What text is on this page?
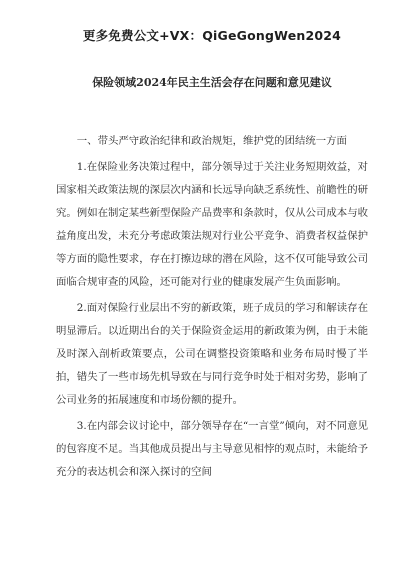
更多免费公文+VX：QiGeGongWen2024
保险领域2024年民主生活会存在问题和意见建议

一、带头严守政治纪律和政治规矩，维护党的团结统一方面

1.在保险业务决策过程中，部分领导过于关注业务短期效益，对国家相关政策法规的深层次内涵和长远导向缺乏系统性、前瞻性的研究。例如在制定某些新型保险产品费率和条款时，仅从公司成本与收益角度出发，未充分考虑政策法规对行业公平竞争、消费者权益保护等方面的隐性要求，存在打擦边球的潜在风险，这不仅可能导致公司面临合规审查的风险，还可能对行业的健康发展产生负面影响。

2.面对保险行业层出不穷的新政策，班子成员的学习和解读存在明显滞后。以近期出台的关于保险资金运用的新政策为例，由于未能及时深入剖析政策要点，公司在调整投资策略和业务布局时慢了半拍，错失了一些市场先机导致在与同行竞争时处于相对劣势，影响了公司业务的拓展速度和市场份额的提升。

3.在内部会议讨论中，部分领导存在“一言堂”倾向，对不同意见的包容度不足。当其他成员提出与主导意见相悖的观点时，未能给予充分的表达机会和深入探讨的空间
